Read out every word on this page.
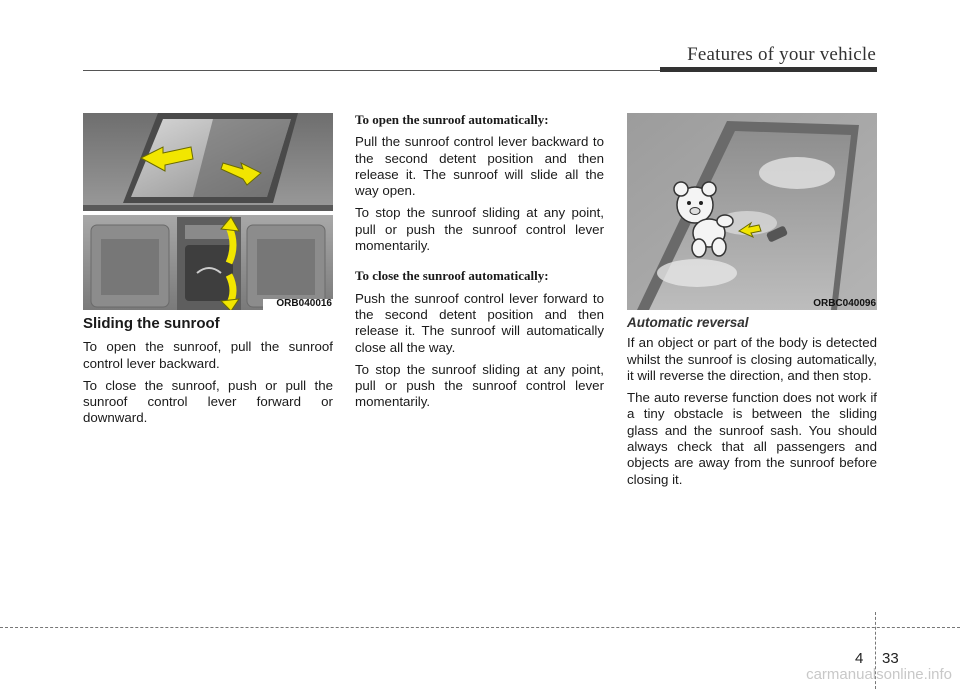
Features of your vehicle
ORB040016
Sliding the sunroof

To open the sunroof, pull the sunroof control lever backward.

To close the sunroof, push or pull the sunroof control lever forward or downward.

To open the sunroof automatically:

Pull the sunroof control lever backward to the second detent position and then release it. The sunroof will slide all the way open.

To stop the sunroof sliding at any point, pull or push the sunroof control lever momentarily.

To close the sunroof automatically:

Push the sunroof control lever forward to the second detent position and then release it. The sunroof will automatically close all the way.

To stop the sunroof sliding at any point, pull or push the sunroof control lever momentarily.

ORBC040096
Automatic reversal

If an object or part of the body is detected whilst the sunroof is closing automatically, it will reverse the direction, and then stop.

The auto reverse function does not work if a tiny obstacle is between the sliding glass and the sunroof sash. You should always check that all passengers and objects are away from the sunroof before closing it.

4 33
carmanualsonline.info
